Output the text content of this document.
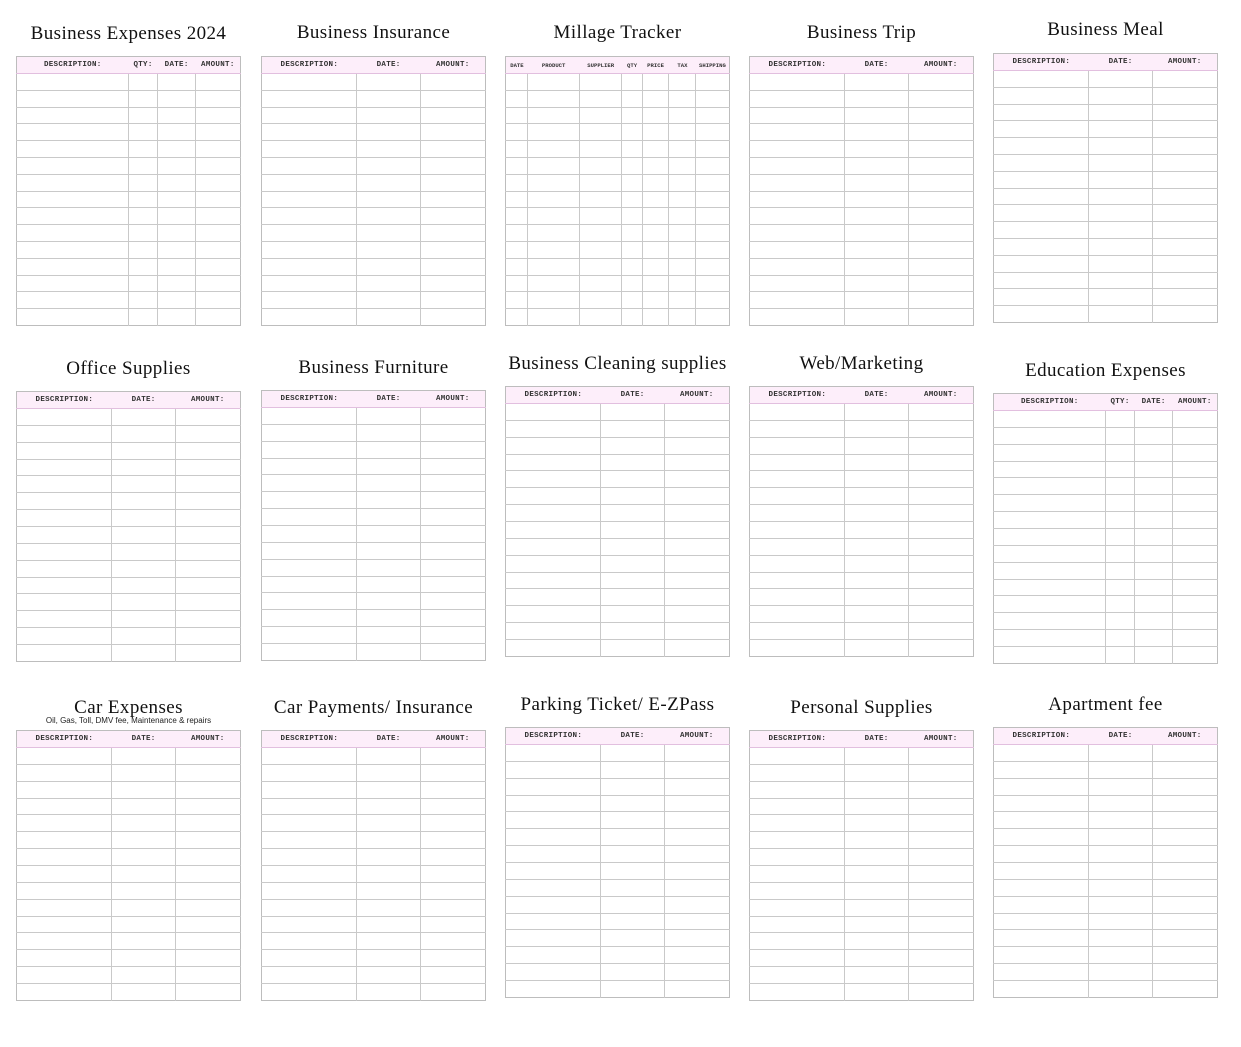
Business Expenses 2024
DESCRIPTION:	QTY:	DATE:	AMOUNT:

Business Insurance
DESCRIPTION:	DATE:	AMOUNT:

Millage Tracker
DATE	PRODUCT	SUPPLIER	QTY	PRICE	TAX	SHIPPING

Business Trip
DESCRIPTION:	DATE:	AMOUNT:

Business Meal
DESCRIPTION:	DATE:	AMOUNT:

Office Supplies
DESCRIPTION:	DATE:	AMOUNT:

Business Furniture
DESCRIPTION:	DATE:	AMOUNT:

Business Cleaning supplies
DESCRIPTION:	DATE:	AMOUNT:

Web/Marketing
DESCRIPTION:	DATE:	AMOUNT:

Education Expenses
DESCRIPTION:	QTY:	DATE:	AMOUNT:

Car Expenses
Oil, Gas, Toll, DMV fee, Maintenance & repairs
DESCRIPTION:	DATE:	AMOUNT:

Car Payments/ Insurance
DESCRIPTION:	DATE:	AMOUNT:

Parking Ticket/ E-ZPass
DESCRIPTION:	DATE:	AMOUNT:

Personal Supplies
DESCRIPTION:	DATE:	AMOUNT:

Apartment fee
DESCRIPTION:	DATE:	AMOUNT:
